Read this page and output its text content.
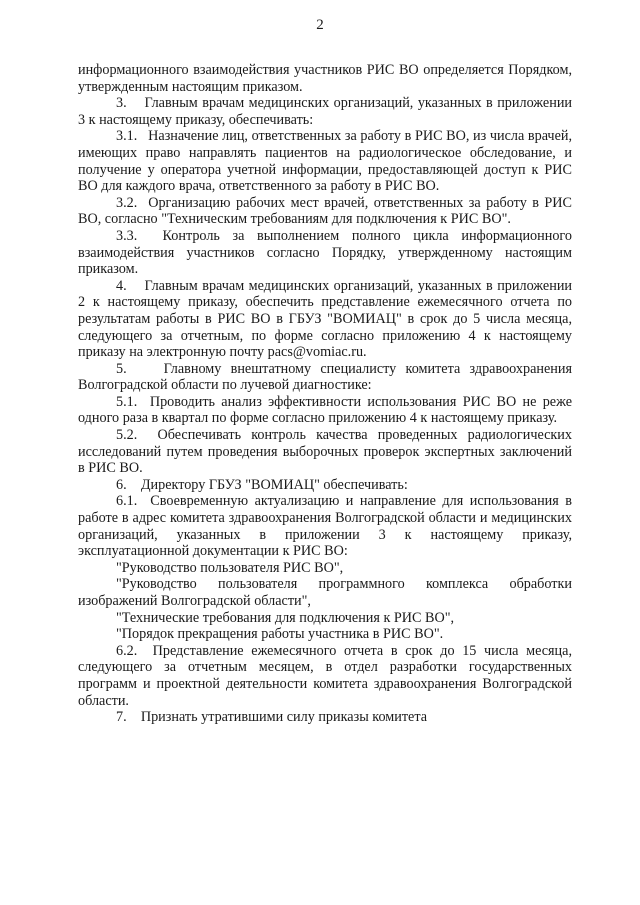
2

информационного взаимодействия участников РИС ВО определяется Порядком, утвержденным настоящим приказом.

3.    Главным врачам медицинских организаций, указанных в приложении 3 к настоящему приказу, обеспечивать:

3.1.   Назначение лиц, ответственных за работу в РИС ВО, из числа врачей, имеющих право направлять пациентов на радиологическое обследование, и получение у оператора учетной информации, предоставляющей доступ к РИС ВО для каждого врача, ответственного за работу в РИС ВО.

3.2.  Организацию рабочих мест врачей, ответственных за работу в РИС ВО, согласно "Техническим требованиям для подключения к РИС ВО".

3.3.  Контроль за выполнением полного цикла информационного взаимодействия участников согласно Порядку, утвержденному настоящим приказом.

4.    Главным врачам медицинских организаций, указанных в приложении 2 к настоящему приказу, обеспечить представление ежемесячного отчета по результатам работы в РИС ВО в ГБУЗ "ВОМИАЦ" в срок до 5 числа месяца, следующего за отчетным, по форме согласно приложению 4 к настоящему приказу на электронную почту pacs@vomiac.ru.

5.    Главному внештатному специалисту комитета здравоохранения Волгоградской области по лучевой диагностике:

5.1.  Проводить анализ эффективности использования РИС ВО не реже одного раза в квартал по форме согласно приложению 4 к настоящему приказу.

5.2.  Обеспечивать контроль качества проведенных радиологических исследований путем проведения выборочных проверок экспертных заключений в РИС ВО.

6.    Директору ГБУЗ "ВОМИАЦ" обеспечивать:

6.1.  Своевременную актуализацию и направление для использования в работе в адрес комитета здравоохранения Волгоградской области и медицинских организаций, указанных в приложении 3 к настоящему приказу, эксплуатационной документации к РИС ВО:

"Руководство пользователя РИС ВО",

"Руководство пользователя программного комплекса обработки изображений Волгоградской области",

"Технические требования для подключения к РИС ВО",

"Порядок прекращения работы участника в РИС ВО".

6.2.  Представление ежемесячного отчета в срок до 15 числа месяца, следующего за отчетным месяцем, в отдел разработки государственных программ и проектной деятельности комитета здравоохранения Волгоградской области.

7.    Признать утратившими силу приказы комитета
